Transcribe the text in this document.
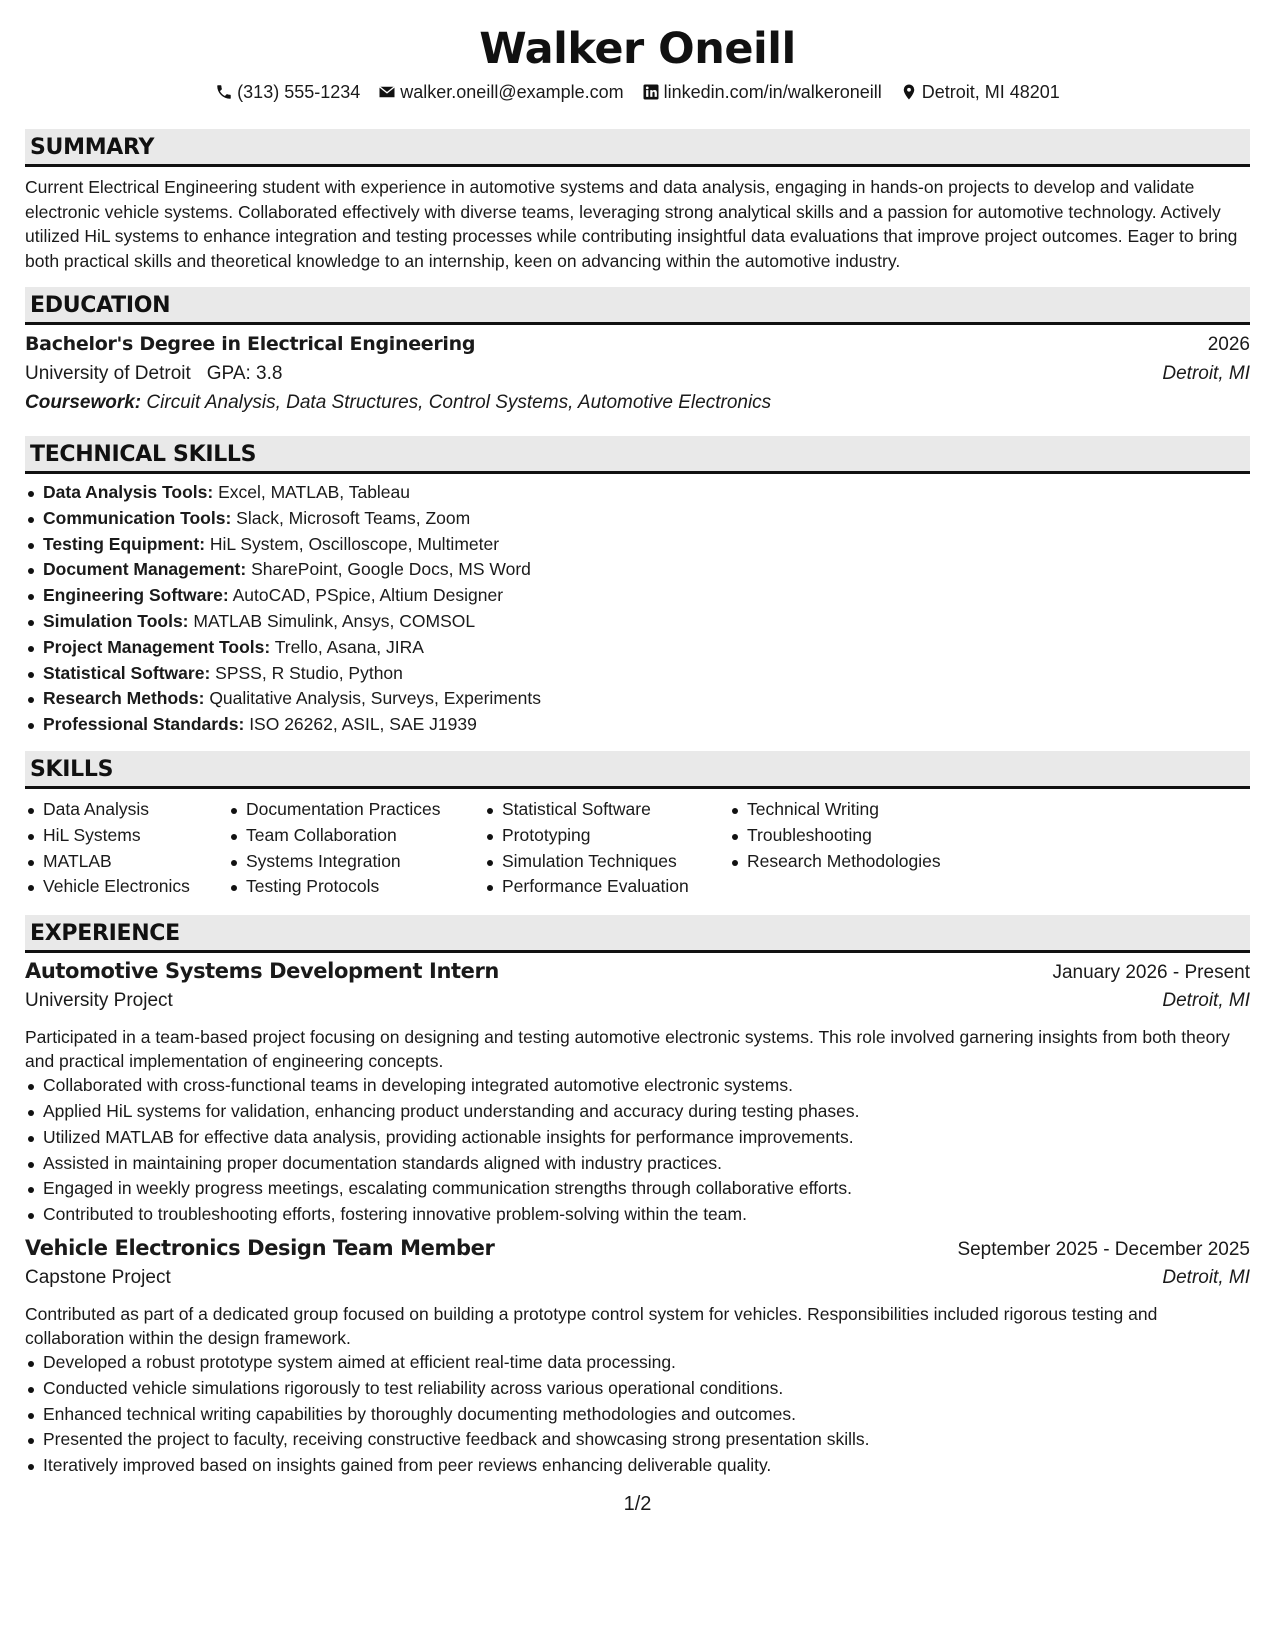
Walker Oneill
(313) 555-1234 walker.oneill@example.com linkedin.com/in/walkeroneill Detroit, MI 48201
SUMMARY

Current Electrical Engineering student with experience in automotive systems and data analysis, engaging in hands-on projects to develop and validate electronic vehicle systems. Collaborated effectively with diverse teams, leveraging strong analytical skills and a passion for automotive technology. Actively utilized HiL systems to enhance integration and testing processes while contributing insightful data evaluations that improve project outcomes. Eager to bring both practical skills and theoretical knowledge to an internship, keen on advancing within the automotive industry.

EDUCATION
Bachelor's Degree in Electrical Engineering	2026
University of Detroit GPA: 3.8	Detroit, MI
Coursework: Circuit Analysis, Data Structures, Control Systems, Automotive Electronics
TECHNICAL SKILLS
Data Analysis Tools: Excel, MATLAB, Tableau
Communication Tools: Slack, Microsoft Teams, Zoom
Testing Equipment: HiL System, Oscilloscope, Multimeter
Document Management: SharePoint, Google Docs, MS Word
Engineering Software: AutoCAD, PSpice, Altium Designer
Simulation Tools: MATLAB Simulink, Ansys, COMSOL
Project Management Tools: Trello, Asana, JIRA
Statistical Software: SPSS, R Studio, Python
Research Methods: Qualitative Analysis, Surveys, Experiments
Professional Standards: ISO 26262, ASIL, SAE J1939
SKILLS
Data Analysis
HiL Systems
MATLAB
Vehicle Electronics
Documentation Practices
Team Collaboration
Systems Integration
Testing Protocols
Statistical Software
Prototyping
Simulation Techniques
Performance Evaluation
Technical Writing
Troubleshooting
Research Methodologies
EXPERIENCE
Automotive Systems Development Intern	January 2026 - Present
University Project	Detroit, MI

Participated in a team-based project focusing on designing and testing automotive electronic systems. This role involved garnering insights from both theory and practical implementation of engineering concepts.

Collaborated with cross-functional teams in developing integrated automotive electronic systems.
Applied HiL systems for validation, enhancing product understanding and accuracy during testing phases.
Utilized MATLAB for effective data analysis, providing actionable insights for performance improvements.
Assisted in maintaining proper documentation standards aligned with industry practices.
Engaged in weekly progress meetings, escalating communication strengths through collaborative efforts.
Contributed to troubleshooting efforts, fostering innovative problem-solving within the team.
Vehicle Electronics Design Team Member	September 2025 - December 2025
Capstone Project	Detroit, MI

Contributed as part of a dedicated group focused on building a prototype control system for vehicles. Responsibilities included rigorous testing and collaboration within the design framework.

Developed a robust prototype system aimed at efficient real-time data processing.
Conducted vehicle simulations rigorously to test reliability across various operational conditions.
Enhanced technical writing capabilities by thoroughly documenting methodologies and outcomes.
Presented the project to faculty, receiving constructive feedback and showcasing strong presentation skills.
Iteratively improved based on insights gained from peer reviews enhancing deliverable quality.
1/2
